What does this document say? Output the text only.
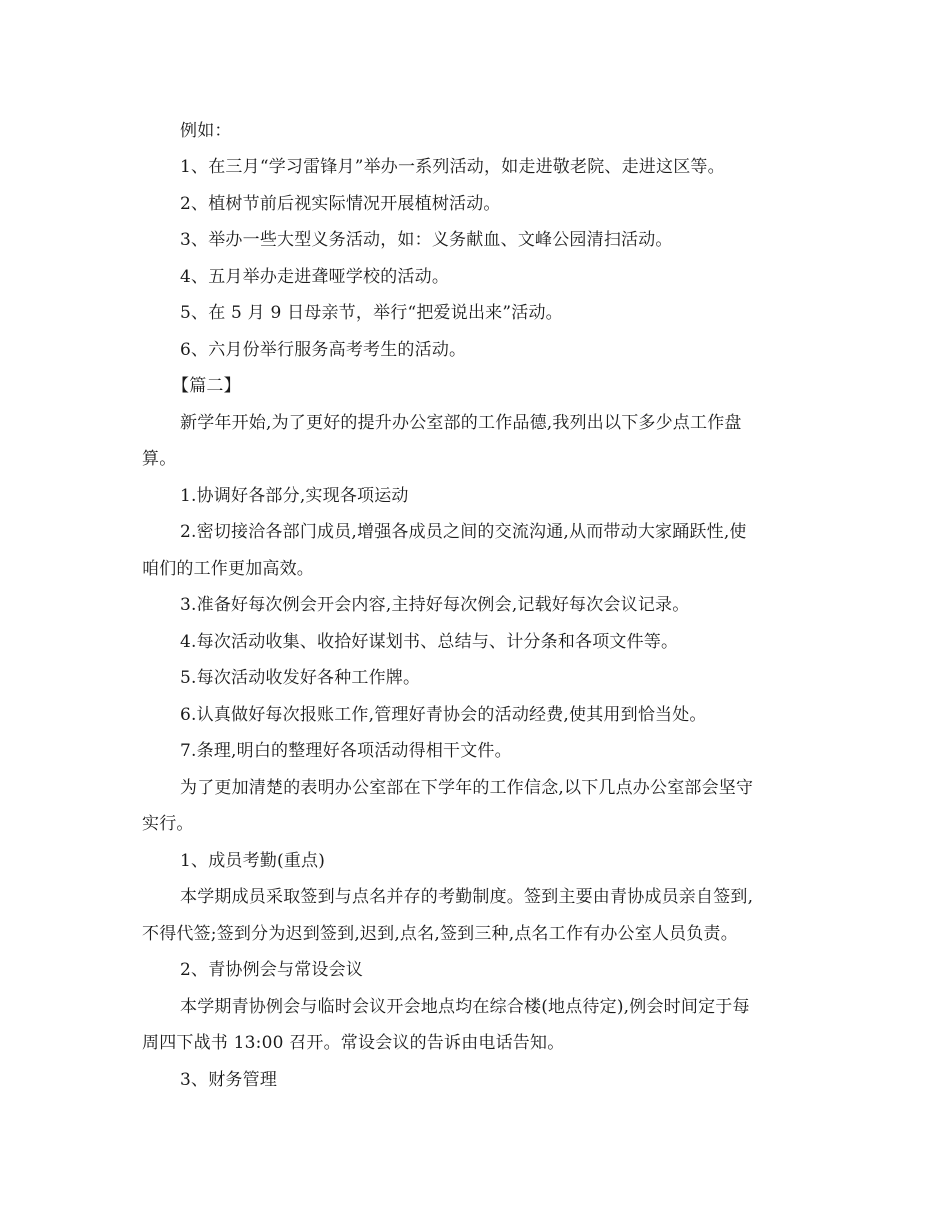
例如：
1、在三月“学习雷锋月”举办一系列活动，如走进敬老院、走进这区等。
2、植树节前后视实际情况开展植树活动。
3、举办一些大型义务活动，如：义务献血、文峰公园清扫活动。
4、五月举办走进聋哑学校的活动。
5、在 5 月 9 日母亲节，举行“把爱说出来”活动。
6、六月份举行服务高考考生的活动。
【篇二】
新学年开始,为了更好的提升办公室部的工作品德,我列出以下多少点工作盘
算。
1.协调好各部分,实现各项运动
2.密切接洽各部门成员,增强各成员之间的交流沟通,从而带动大家踊跃性,使
咱们的工作更加高效。
3.准备好每次例会开会内容,主持好每次例会,记载好每次会议记录。
4.每次活动收集、收拾好谋划书、总结与、计分条和各项文件等。
5.每次活动收发好各种工作牌。
6.认真做好每次报账工作,管理好青协会的活动经费,使其用到恰当处。
7.条理,明白的整理好各项活动得相干文件。
为了更加清楚的表明办公室部在下学年的工作信念,以下几点办公室部会坚守
实行。
1、成员考勤(重点)
本学期成员采取签到与点名并存的考勤制度。签到主要由青协成员亲自签到,
不得代签;签到分为迟到签到,迟到,点名,签到三种,点名工作有办公室人员负责。
2、青协例会与常设会议
本学期青协例会与临时会议开会地点均在综合楼(地点待定),例会时间定于每
周四下战书 13:00 召开。常设会议的告诉由电话告知。
3、财务管理
